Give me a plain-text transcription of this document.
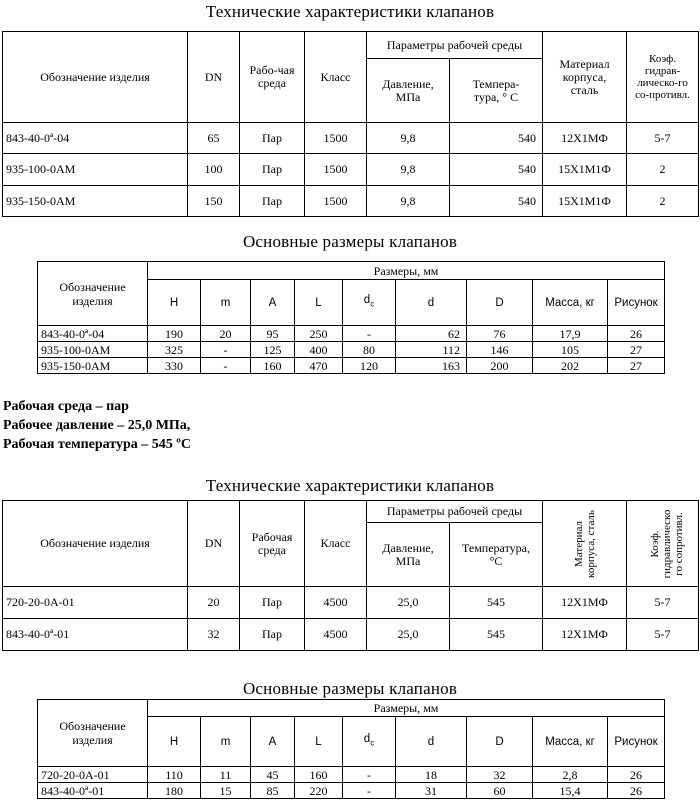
Технические характеристики клапанов
Обозначение изделия	DN	Рабо-чая среда	Класс	Параметры рабочей среды		Материал корпуса, сталь	Коэф. гидрав-лическо-го со-противл.
				Давление, МПа	Темпера-тура, ° С		
843-40-0ª-04	65	Пар	1500	9,8	540	12Х1МФ	5-7
935-100-0АМ	100	Пар	1500	9,8	540	15Х1М1Ф	2
935-150-0АМ	150	Пар	1500	9,8	540	15Х1М1Ф	2
Основные размеры клапанов
Обозначение изделия	Размеры, мм								
	H	m	A	L	$d_c$	d	D	Масса, кг	Рисунок
843-40-0ª-04	190	20	95	250	-	62	76	17,9	26
935-100-0АМ	325	-	125	400	80	112	146	105	27
935-150-0АМ	330	-	160	470	120	163	200	202	27
Рабочая среда – пар
Рабочее давление – 25,0 МПа,
Рабочая температура – 545 ºС
Технические характеристики клапанов
Обозначение изделия	DN	Рабочая среда	Класс	Параметры рабочей среды		Материал корпуса, сталь	Коэф. гидравлическо го сопротивл.
				Давление, МПа	Температура, °С		
720-20-0А-01	20	Пар	4500	25,0	545	12Х1МФ	5-7
843-40-0ª-01	32	Пар	4500	25,0	545	12Х1МФ	5-7
Основные размеры клапанов
Обозначение изделия	Размеры, мм								
	H	m	A	L	$d_c$	d	D	Масса, кг	Рисунок
720-20-0А-01	110	11	45	160	-	18	32	2,8	26
843-40-0ª-01	180	15	85	220	-	31	60	15,4	26
